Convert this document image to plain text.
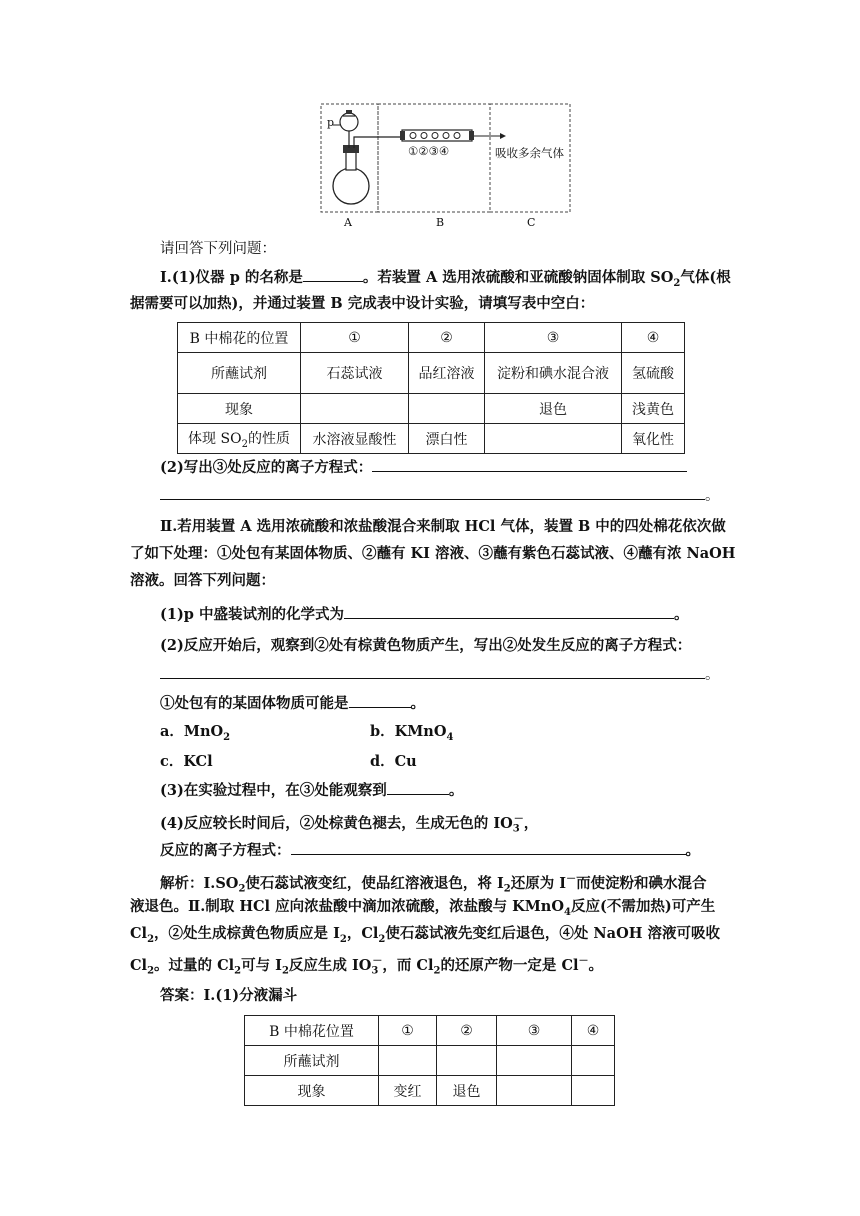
p
①②③④	吸收多余气体
A	B	C
请回答下列问题：
Ⅰ.(1)仪器 p 的名称是	。若装置 A 选用浓硫酸和亚硫酸钠固体制取 $SO_2$气体(根
据需要可以加热)，并通过装置 B 完成表中设计实验，请填写表中空白：
B 中棉花的位置	①	②	③	④
所蘸试剂	石蕊试液	品红溶液	淀粉和碘水混合液	氢硫酸
现象			退色	浅黄色
体现 $SO_2$的性质	水溶液显酸性	漂白性		氧化性
(2)写出③处反应的离子方程式：
。
Ⅱ.若用装置 A 选用浓硫酸和浓盐酸混合来制取 HCl 气体，装置 B 中的四处棉花依次做
了如下处理：①处包有某固体物质、②蘸有 KI 溶液、③蘸有紫色石蕊试液、④蘸有浓 NaOH
溶液。回答下列问题：
(1)p 中盛装试剂的化学式为	。
(2)反应开始后，观察到②处有棕黄色物质产生，写出②处发生反应的离子方程式：
。
①处包有的某固体物质可能是	。
a．MnO$_2$	b．KMnO$_4$
c．KCl	d．Cu
(3)在实验过程中，在③处能观察到	。
(4)反应较长时间后，②处棕黄色褪去，生成无色的 $IO_3^-$，
反应的离子方程式：	。
解析：$Ⅰ.SO_2$使石蕊试液变红，使品红溶液退色，将 $I_2$还原为 I－而使淀粉和碘水混合
液退色。Ⅱ.制取 HCl 应向浓盐酸中滴加浓硫酸，浓盐酸与 KMnO$_4$反应(不需加热)可产生
$Cl_2$，②处生成棕黄色物质应是 $I_2$，$Cl_2$使石蕊试液先变红后退色，④处 NaOH 溶液可吸收
$Cl_2$。过量的 $Cl_2$可与 $I_2$反应生成 $IO_3^-$，而 $Cl_2$的还原产物一定是 Cl－。
答案：Ⅰ.(1)分液漏斗
B 中棉花位置	①	②	③	④
所蘸试剂				
现象	变红	退色		
